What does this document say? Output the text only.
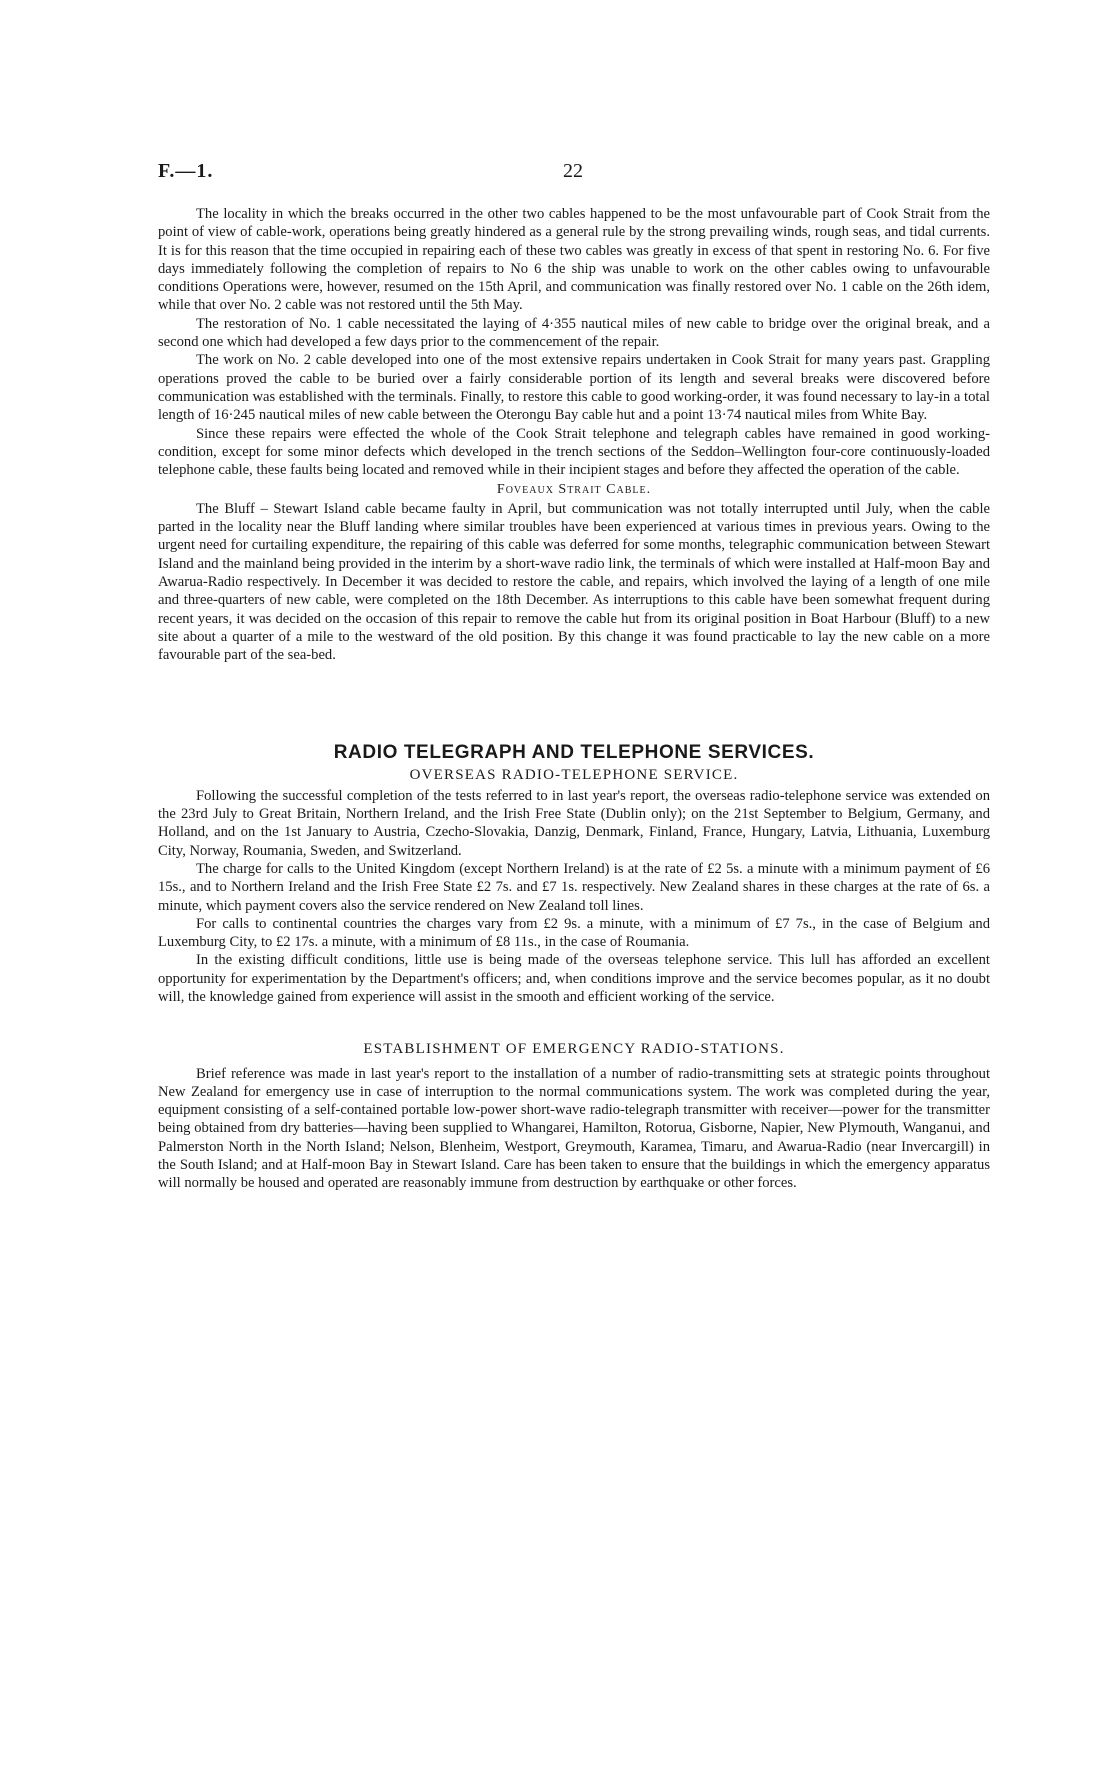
F.—1.	22

The locality in which the breaks occurred in the other two cables happened to be the most unfavourable part of Cook Strait from the point of view of cable-work, operations being greatly hindered as a general rule by the strong prevailing winds, rough seas, and tidal currents. It is for this reason that the time occupied in repairing each of these two cables was greatly in excess of that spent in restoring No. 6. For five days immediately following the completion of repairs to No 6 the ship was unable to work on the other cables owing to unfavourable conditions Operations were, however, resumed on the 15th April, and communication was finally restored over No. 1 cable on the 26th idem, while that over No. 2 cable was not restored until the 5th May.

The restoration of No. 1 cable necessitated the laying of 4·355 nautical miles of new cable to bridge over the original break, and a second one which had developed a few days prior to the commencement of the repair.

The work on No. 2 cable developed into one of the most extensive repairs undertaken in Cook Strait for many years past. Grappling operations proved the cable to be buried over a fairly considerable portion of its length and several breaks were discovered before communication was established with the terminals. Finally, to restore this cable to good working-order, it was found necessary to lay-in a total length of 16·245 nautical miles of new cable between the Oterongu Bay cable hut and a point 13·74 nautical miles from White Bay.

Since these repairs were effected the whole of the Cook Strait telephone and telegraph cables have remained in good working-condition, except for some minor defects which developed in the trench sections of the Seddon–Wellington four-core continuously-loaded telephone cable, these faults being located and removed while in their incipient stages and before they affected the operation of the cable.

Foveaux Strait Cable.

The Bluff – Stewart Island cable became faulty in April, but communication was not totally interrupted until July, when the cable parted in the locality near the Bluff landing where similar troubles have been experienced at various times in previous years. Owing to the urgent need for curtailing expenditure, the repairing of this cable was deferred for some months, telegraphic communication between Stewart Island and the mainland being provided in the interim by a short-wave radio link, the terminals of which were installed at Half-moon Bay and Awarua-Radio respectively. In December it was decided to restore the cable, and repairs, which involved the laying of a length of one mile and three-quarters of new cable, were completed on the 18th December. As interruptions to this cable have been somewhat frequent during recent years, it was decided on the occasion of this repair to remove the cable hut from its original position in Boat Harbour (Bluff) to a new site about a quarter of a mile to the westward of the old position. By this change it was found practicable to lay the new cable on a more favourable part of the sea-bed.

RADIO TELEGRAPH AND TELEPHONE SERVICES.
OVERSEAS RADIO-TELEPHONE SERVICE.

Following the successful completion of the tests referred to in last year's report, the overseas radio-telephone service was extended on the 23rd July to Great Britain, Northern Ireland, and the Irish Free State (Dublin only); on the 21st September to Belgium, Germany, and Holland, and on the 1st January to Austria, Czecho-Slovakia, Danzig, Denmark, Finland, France, Hungary, Latvia, Lithuania, Luxemburg City, Norway, Roumania, Sweden, and Switzerland.

The charge for calls to the United Kingdom (except Northern Ireland) is at the rate of £2 5s. a minute with a minimum payment of £6 15s., and to Northern Ireland and the Irish Free State £2 7s. and £7 1s. respectively. New Zealand shares in these charges at the rate of 6s. a minute, which payment covers also the service rendered on New Zealand toll lines.

For calls to continental countries the charges vary from £2 9s. a minute, with a minimum of £7 7s., in the case of Belgium and Luxemburg City, to £2 17s. a minute, with a minimum of £8 11s., in the case of Roumania.

In the existing difficult conditions, little use is being made of the overseas telephone service. This lull has afforded an excellent opportunity for experimentation by the Department's officers; and, when conditions improve and the service becomes popular, as it no doubt will, the knowledge gained from experience will assist in the smooth and efficient working of the service.

ESTABLISHMENT OF EMERGENCY RADIO-STATIONS.

Brief reference was made in last year's report to the installation of a number of radio-transmitting sets at strategic points throughout New Zealand for emergency use in case of interruption to the normal communications system. The work was completed during the year, equipment consisting of a self-contained portable low-power short-wave radio-telegraph transmitter with receiver—power for the transmitter being obtained from dry batteries—having been supplied to Whangarei, Hamilton, Rotorua, Gisborne, Napier, New Plymouth, Wanganui, and Palmerston North in the North Island; Nelson, Blenheim, Westport, Greymouth, Karamea, Timaru, and Awarua-Radio (near Invercargill) in the South Island; and at Half-moon Bay in Stewart Island. Care has been taken to ensure that the buildings in which the emergency apparatus will normally be housed and operated are reasonably immune from destruction by earthquake or other forces.
